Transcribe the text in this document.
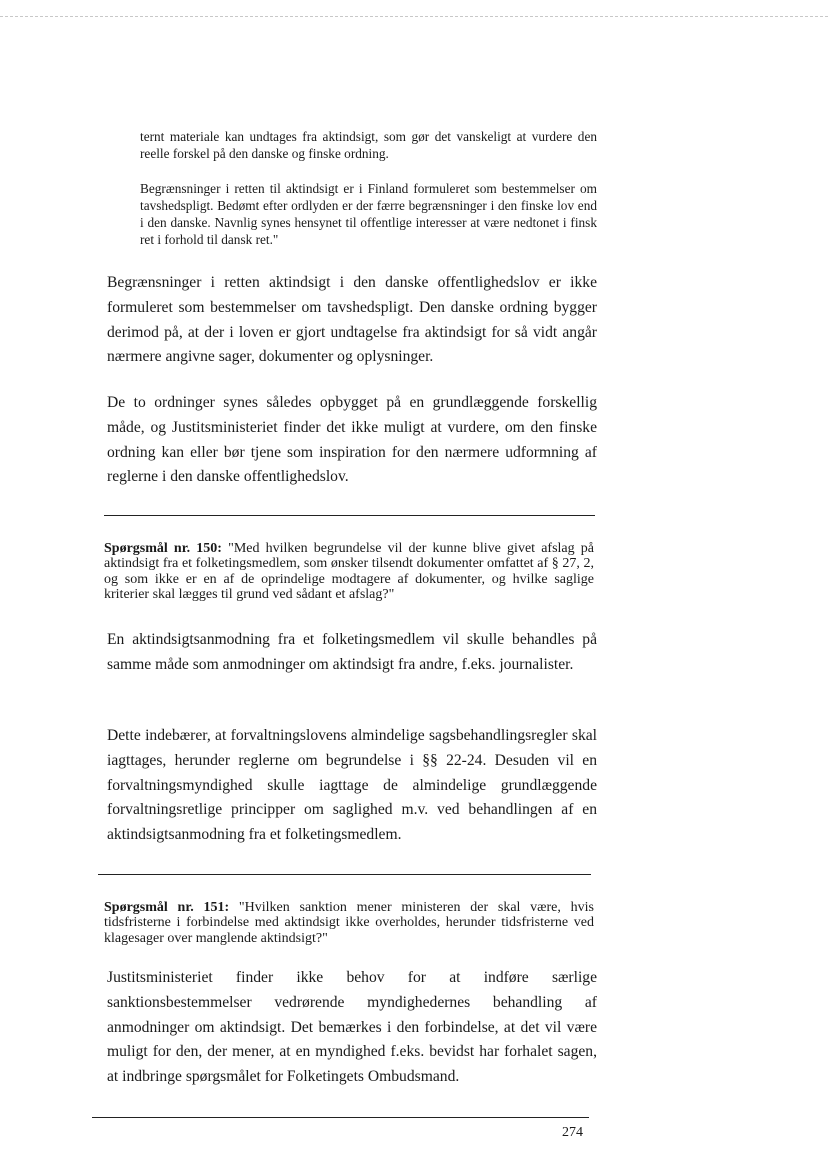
ternt materiale kan undtages fra aktindsigt, som gør det vanskeligt at vurdere den reelle forskel på den danske og finske ordning.

Begrænsninger i retten til aktindsigt er i Finland formuleret som bestemmelser om tavshedspligt. Bedømt efter ordlyden er der færre begrænsninger i den finske lov end i den danske. Navnlig synes hensynet til offentlige interesser at være nedtonet i finsk ret i forhold til dansk ret."

Begrænsninger i retten aktindsigt i den danske offentlighedslov er ikke formuleret som bestemmelser om tavshedspligt. Den danske ordning bygger derimod på, at der i loven er gjort undtagelse fra aktindsigt for så vidt angår nærmere angivne sager, dokumenter og oplysninger.

De to ordninger synes således opbygget på en grundlæggende forskellig måde, og Justitsministeriet finder det ikke muligt at vurdere, om den finske ordning kan eller bør tjene som inspiration for den nærmere udformning af reglerne i den danske offentlighedslov.

Spørgsmål nr. 150: "Med hvilken begrundelse vil der kunne blive givet afslag på aktindsigt fra et folketingsmedlem, som ønsker tilsendt dokumenter omfattet af § 27, 2, og som ikke er en af de oprindelige modtagere af dokumenter, og hvilke saglige kriterier skal lægges til grund ved sådant et afslag?"

En aktindsigtsanmodning fra et folketingsmedlem vil skulle behandles på samme måde som anmodninger om aktindsigt fra andre, f.eks. journalister.

Dette indebærer, at forvaltningslovens almindelige sagsbehandlingsregler skal iagttages, herunder reglerne om begrundelse i §§ 22-24. Desuden vil en forvaltningsmyndighed skulle iagttage de almindelige grundlæggende forvaltningsretlige principper om saglighed m.v. ved behandlingen af en aktindsigtsanmodning fra et folketingsmedlem.

Spørgsmål nr. 151: "Hvilken sanktion mener ministeren der skal være, hvis tidsfristerne i forbindelse med aktindsigt ikke overholdes, herunder tidsfristerne ved klagesager over manglende aktindsigt?"

Justitsministeriet finder ikke behov for at indføre særlige sanktionsbestemmelser vedrørende myndighedernes behandling af anmodninger om aktindsigt. Det bemærkes i den forbindelse, at det vil være muligt for den, der mener, at en myndighed f.eks. bevidst har forhalet sagen, at indbringe spørgsmålet for Folketingets Ombudsmand.

274
